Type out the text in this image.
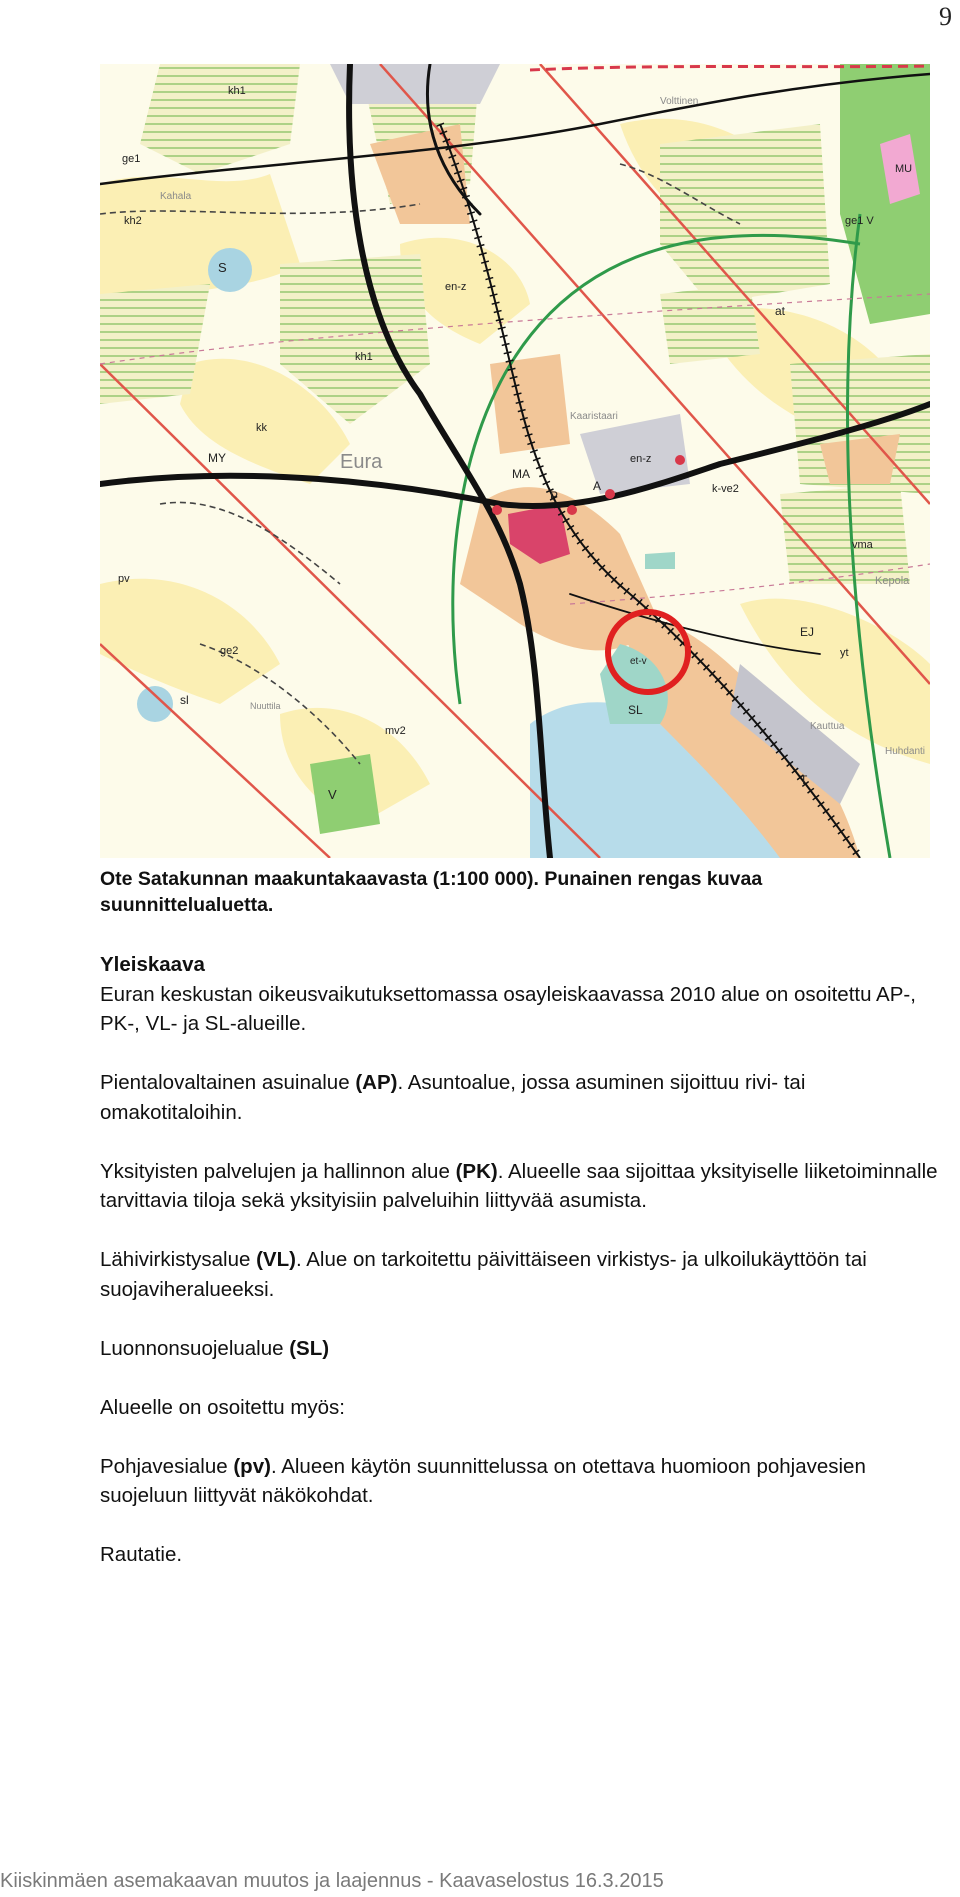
9
kh1
kh2
kh1
kk
ge1
ge2
mv2
en-z
S
MY
pv
P
MA
A
T
SL
EJ
at
sl
V
MU
ge1 V
vma
k-ve2
yt
et-v
en-z
Eura
Volttinen
Kahala
Kepola
Kauttua
Huhdanti
Kaaristaari
Nuuttila
Ote Satakunnan maakuntakaavasta (1:100 000). Punainen rengas kuvaa suunnittelualuetta.
Yleiskaava

Euran keskustan oikeusvaikutuksettomassa osayleiskaavassa 2010 alue on osoitettu AP-, PK-, VL- ja SL-alueille.

Pientalovaltainen asuinalue (AP). Asuntoalue, jossa asuminen sijoittuu rivi- tai omakotitaloihin.

Yksityisten palvelujen ja hallinnon alue (PK). Alueelle saa sijoittaa yksityiselle liiketoiminnalle tarvittavia tiloja sekä yksityisiin palveluihin liittyvää asumista.

Lähivirkistysalue (VL). Alue on tarkoitettu päivittäiseen virkistys- ja ulkoilukäyttöön tai suojaviheralueeksi.

Luonnonsuojelualue (SL)

Alueelle on osoitettu myös:

Pohjavesialue (pv). Alueen käytön suunnittelussa on otettava huomioon pohjavesien suojeluun liittyvät näkökohdat.

Rautatie.

Kiiskinmäen asemakaavan muutos ja laajennus - Kaavaselostus 16.3.2015
